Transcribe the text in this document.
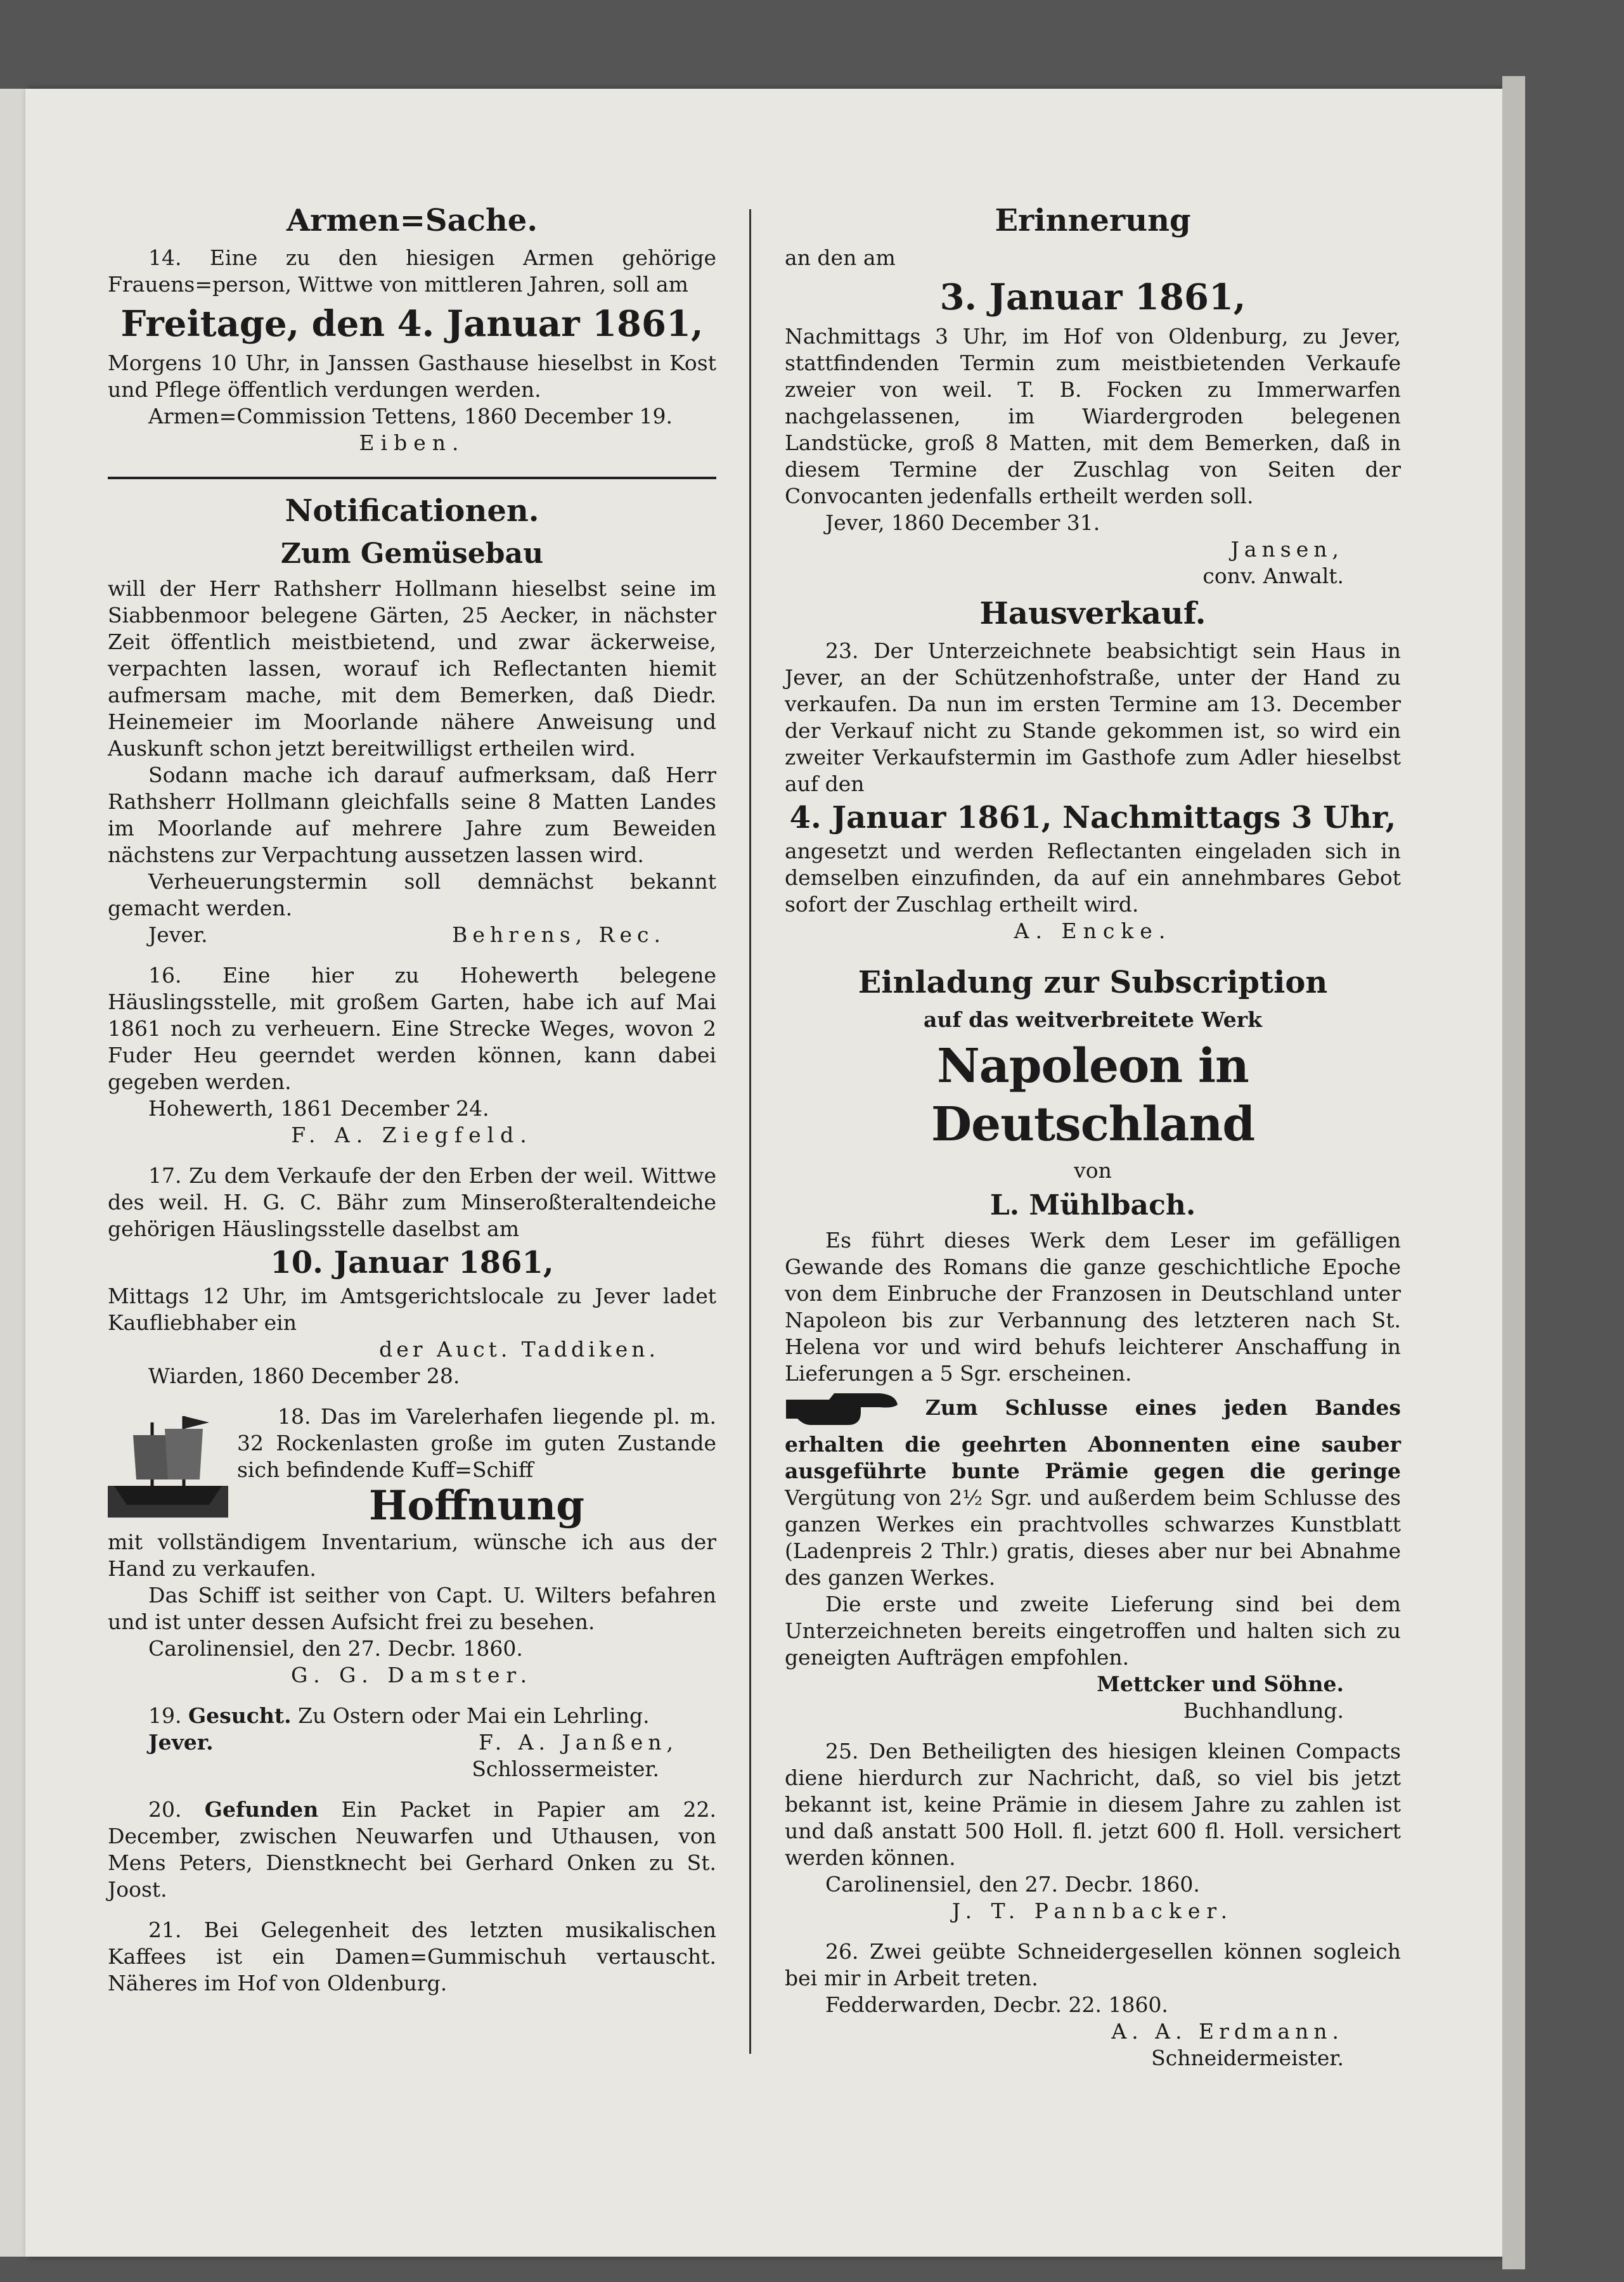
Armen=Sache.

14. Eine zu den hiesigen Armen gehörige Frauens=person, Wittwe von mittleren Jahren, soll am

Freitage, den 4. Januar 1861,

Morgens 10 Uhr, in Janssen Gasthause hieselbst in Kost und Pflege öffentlich verdungen werden.

Armen=Commission Tettens, 1860 December 19.

Eiben.

Notificationen.
Zum Gemüsebau

will der Herr Rathsherr Hollmann hieselbst seine im Siabbenmoor belegene Gärten, 25 Aecker, in nächster Zeit öffentlich meistbietend, und zwar äckerweise, verpachten lassen, worauf ich Reflectanten hiemit aufmersam mache, mit dem Bemerken, daß Diedr. Heinemeier im Moorlande nähere Anweisung und Auskunft schon jetzt bereitwilligst ertheilen wird.

Sodann mache ich darauf aufmerksam, daß Herr Rathsherr Hollmann gleichfalls seine 8 Matten Landes im Moorlande auf mehrere Jahre zum Beweiden nächstens zur Verpachtung aussetzen lassen wird.

Verheuerungstermin soll demnächst bekannt gemacht werden.

Jever.	Behrens, Rec.

16. Eine hier zu Hohewerth belegene Häuslingsstelle, mit großem Garten, habe ich auf Mai 1861 noch zu verheuern. Eine Strecke Weges, wovon 2 Fuder Heu geerndet werden können, kann dabei gegeben werden.

Hohewerth, 1861 December 24.

F. A. Ziegfeld.

17. Zu dem Verkaufe der den Erben der weil. Wittwe des weil. H. G. C. Bähr zum Minseroßteraltendeiche gehörigen Häuslingsstelle daselbst am

10. Januar 1861,

Mittags 12 Uhr, im Amtsgerichtslocale zu Jever ladet Kaufliebhaber ein

der Auct. Taddiken.

Wiarden, 1860 December 28.

18. Das im Varelerhafen liegende pl. m. 32 Rockenlasten große im guten Zustande sich befindende Kuff=Schiff

Hoffnung

mit vollständigem Inventarium, wünsche ich aus der Hand zu verkaufen.

Das Schiff ist seither von Capt. U. Wilters befahren und ist unter dessen Aufsicht frei zu besehen.

Carolinensiel, den 27. Decbr. 1860.

G. G. Damster.

19. Gesucht. Zu Ostern oder Mai ein Lehrling.

Jever.	F. A. Janßen,

Schlossermeister.

20. Gefunden Ein Packet in Papier am 22. December, zwischen Neuwarfen und Uthausen, von Mens Peters, Dienstknecht bei Gerhard Onken zu St. Joost.

21. Bei Gelegenheit des letzten musikalischen Kaffees ist ein Damen=Gummischuh vertauscht. Näheres im Hof von Oldenburg.

Erinnerung

an den am

3. Januar 1861,

Nachmittags 3 Uhr, im Hof von Oldenburg, zu Jever, stattfindenden Termin zum meistbietenden Verkaufe zweier von weil. T. B. Focken zu Immerwarfen nachgelassenen, im Wiardergroden belegenen Landstücke, groß 8 Matten, mit dem Bemerken, daß in diesem Termine der Zuschlag von Seiten der Convocanten jedenfalls ertheilt werden soll.

Jever, 1860 December 31.

Jansen,

conv. Anwalt.

Hausverkauf.

23. Der Unterzeichnete beabsichtigt sein Haus in Jever, an der Schützenhofstraße, unter der Hand zu verkaufen. Da nun im ersten Termine am 13. December der Verkauf nicht zu Stande gekommen ist, so wird ein zweiter Verkaufstermin im Gasthofe zum Adler hieselbst auf den

4. Januar 1861, Nachmittags 3 Uhr,

angesetzt und werden Reflectanten eingeladen sich in demselben einzufinden, da auf ein annehmbares Gebot sofort der Zuschlag ertheilt wird.

A. Encke.

Einladung zur Subscription

auf das weitverbreitete Werk

Napoleon in Deutschland

von

L. Mühlbach.

Es führt dieses Werk dem Leser im gefälligen Gewande des Romans die ganze geschichtliche Epoche von dem Einbruche der Franzosen in Deutschland unter Napoleon bis zur Verbannung des letzteren nach St. Helena vor und wird behufs leichterer Anschaffung in Lieferungen a 5 Sgr. erscheinen.

Zum Schlusse eines jeden Bandes erhalten die geehrten Abonnenten eine sauber ausgeführte bunte Prämie gegen die geringe Vergütung von 2½ Sgr. und außerdem beim Schlusse des ganzen Werkes ein prachtvolles schwarzes Kunstblatt (Ladenpreis 2 Thlr.) gratis, dieses aber nur bei Abnahme des ganzen Werkes.

Die erste und zweite Lieferung sind bei dem Unterzeichneten bereits eingetroffen und halten sich zu geneigten Aufträgen empfohlen.

Mettcker und Söhne.

Buchhandlung.

25. Den Betheiligten des hiesigen kleinen Compacts diene hierdurch zur Nachricht, daß, so viel bis jetzt bekannt ist, keine Prämie in diesem Jahre zu zahlen ist und daß anstatt 500 Holl. fl. jetzt 600 fl. Holl. versichert werden können.

Carolinensiel, den 27. Decbr. 1860.

J. T. Pannbacker.

26. Zwei geübte Schneidergesellen können sogleich bei mir in Arbeit treten.

Fedderwarden, Decbr. 22. 1860.

A. A. Erdmann.

Schneidermeister.
